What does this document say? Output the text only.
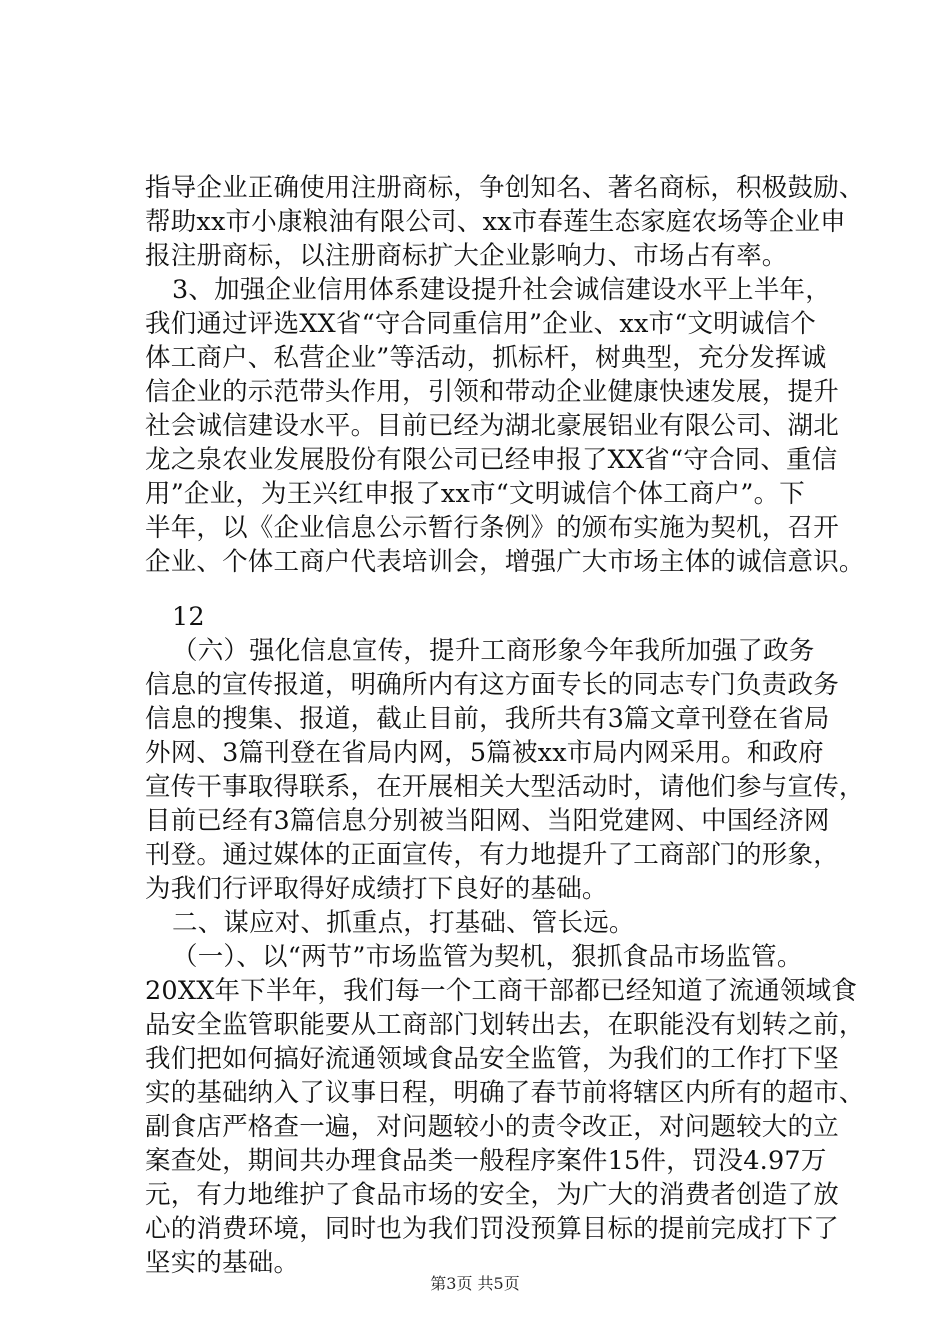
指导企业正确使用注册商标，争创知名、著名商标，积极鼓励、
帮助xx市小康粮油有限公司、xx市春莲生态家庭农场等企业申
报注册商标，以注册商标扩大企业影响力、市场占有率。
3、加强企业信用体系建设提升社会诚信建设水平上半年，
我们通过评选XX省“守合同重信用”企业、xx市“文明诚信个
体工商户、私营企业”等活动，抓标杆，树典型，充分发挥诚
信企业的示范带头作用，引领和带动企业健康快速发展，提升
社会诚信建设水平。目前已经为湖北豪展铝业有限公司、湖北
龙之泉农业发展股份有限公司已经申报了XX省“守合同、重信
用”企业，为王兴红申报了xx市“文明诚信个体工商户”。下
半年，以《企业信息公示暂行条例》的颁布实施为契机，召开
企业、个体工商户代表培训会，增强广大市场主体的诚信意识。
12
（六）强化信息宣传，提升工商形象今年我所加强了政务
信息的宣传报道，明确所内有这方面专长的同志专门负责政务
信息的搜集、报道，截止目前，我所共有3篇文章刊登在省局
外网、3篇刊登在省局内网，5篇被xx市局内网采用。和政府
宣传干事取得联系，在开展相关大型活动时，请他们参与宣传，
目前已经有3篇信息分别被当阳网、当阳党建网、中国经济网
刊登。通过媒体的正面宣传，有力地提升了工商部门的形象，
为我们行评取得好成绩打下良好的基础。
二、谋应对、抓重点，打基础、管长远。
（一）、以“两节”市场监管为契机，狠抓食品市场监管。
20XX年下半年，我们每一个工商干部都已经知道了流通领域食
品安全监管职能要从工商部门划转出去，在职能没有划转之前，
我们把如何搞好流通领域食品安全监管，为我们的工作打下坚
实的基础纳入了议事日程，明确了春节前将辖区内所有的超市、
副食店严格查一遍，对问题较小的责令改正，对问题较大的立
案查处，期间共办理食品类一般程序案件15件，罚没4.97万
元，有力地维护了食品市场的安全，为广大的消费者创造了放
心的消费环境，同时也为我们罚没预算目标的提前完成打下了
坚实的基础。
第3页 共5页
